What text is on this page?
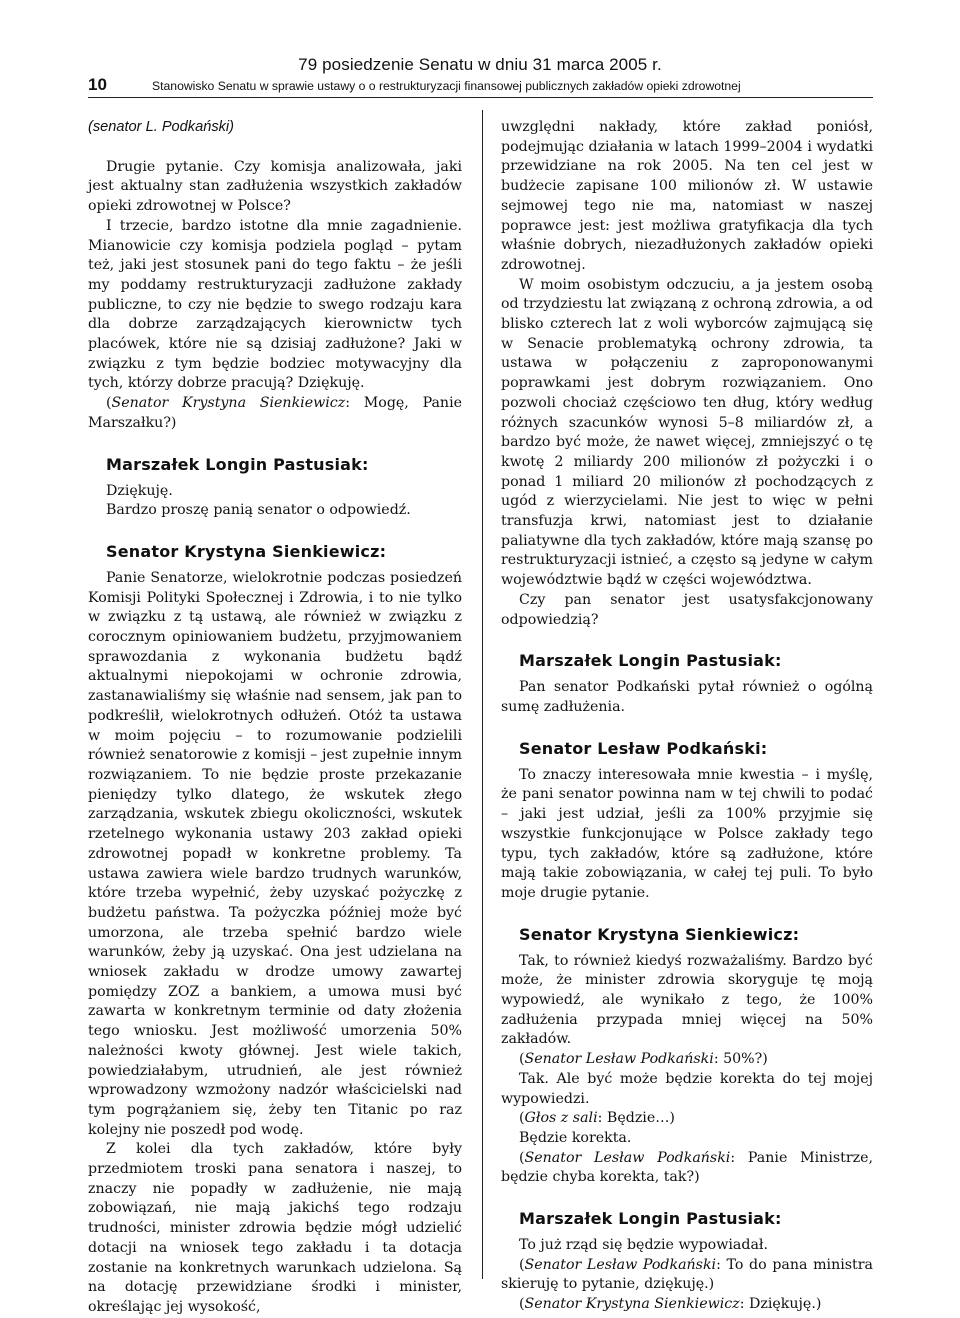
79 posiedzenie Senatu w dniu 31 marca 2005 r.
10	Stanowisko Senatu w sprawie ustawy o o restrukturyzacji finansowej publicznych zakładów opieki zdrowotnej

(senator L. Podkański)

Drugie pytanie. Czy komisja analizowała, jaki jest aktualny stan zadłużenia wszystkich zakładów opieki zdrowotnej w Polsce?

I trzecie, bardzo istotne dla mnie zagadnienie. Mianowicie czy komisja podziela pogląd – pytam też, jaki jest stosunek pani do tego faktu – że jeśli my poddamy restrukturyzacji zadłużone zakłady publiczne, to czy nie będzie to swego rodzaju kara dla dobrze zarządzających kierownictw tych placówek, które nie są dzisiaj zadłużone? Jaki w związku z tym będzie bodziec motywacyjny dla tych, którzy dobrze pracują? Dziękuję.

(Senator Krystyna Sienkiewicz: Mogę, Panie Marszałku?)

Marszałek Longin Pastusiak:

Dziękuję.

Bardzo proszę panią senator o odpowiedź.

Senator Krystyna Sienkiewicz:

Panie Senatorze, wielokrotnie podczas posiedzeń Komisji Polityki Społecznej i Zdrowia, i to nie tylko w związku z tą ustawą, ale również w związku z corocznym opiniowaniem budżetu, przyjmowaniem sprawozdania z wykonania budżetu bądź aktualnymi niepokojami w ochronie zdrowia, zastanawialiśmy się właśnie nad sensem, jak pan to podkreślił, wielokrotnych odłużeń. Otóż ta ustawa w moim pojęciu – to rozumowanie podzielili również senatorowie z komisji – jest zupełnie innym rozwiązaniem. To nie będzie proste przekazanie pieniędzy tylko dlatego, że wskutek złego zarządzania, wskutek zbiegu okoliczności, wskutek rzetelnego wykonania ustawy 203 zakład opieki zdrowotnej popadł w konkretne problemy. Ta ustawa zawiera wiele bardzo trudnych warunków, które trzeba wypełnić, żeby uzyskać pożyczkę z budżetu państwa. Ta pożyczka później może być umorzona, ale trzeba spełnić bardzo wiele warunków, żeby ją uzyskać. Ona jest udzielana na wniosek zakładu w drodze umowy zawartej pomiędzy ZOZ a bankiem, a umowa musi być zawarta w konkretnym terminie od daty złożenia tego wniosku. Jest możliwość umorzenia 50% należności kwoty głównej. Jest wiele takich, powiedziałabym, utrudnień, ale jest również wprowadzony wzmożony nadzór właścicielski nad tym pogrążaniem się, żeby ten Titanic po raz kolejny nie poszedł pod wodę.

Z kolei dla tych zakładów, które były przedmiotem troski pana senatora i naszej, to znaczy nie popadły w zadłużenie, nie mają zobowiązań, nie mają jakichś tego rodzaju trudności, minister zdrowia będzie mógł udzielić dotacji na wniosek tego zakładu i ta dotacja zostanie na konkretnych warunkach udzielona. Są na dotację przewidziane środki i minister, określając jej wysokość,

uwzględni nakłady, które zakład poniósł, podejmując działania w latach 1999–2004 i wydatki przewidziane na rok 2005. Na ten cel jest w budżecie zapisane 100 milionów zł. W ustawie sejmowej tego nie ma, natomiast w naszej poprawce jest: jest możliwa gratyfikacja dla tych właśnie dobrych, niezadłużonych zakładów opieki zdrowotnej.

W moim osobistym odczuciu, a ja jestem osobą od trzydziestu lat związaną z ochroną zdrowia, a od blisko czterech lat z woli wyborców zajmującą się w Senacie problematyką ochrony zdrowia, ta ustawa w połączeniu z zaproponowanymi poprawkami jest dobrym rozwiązaniem. Ono pozwoli chociaż częściowo ten dług, który według różnych szacunków wynosi 5–8 miliardów zł, a bardzo być może, że nawet więcej, zmniejszyć o tę kwotę 2 miliardy 200 milionów zł pożyczki i o ponad 1 miliard 20 milionów zł pochodzących z ugód z wierzycielami. Nie jest to więc w pełni transfuzja krwi, natomiast jest to działanie paliatywne dla tych zakładów, które mają szansę po restrukturyzacji istnieć, a często są jedyne w całym województwie bądź w części województwa.

Czy pan senator jest usatysfakcjonowany odpowiedzią?

Marszałek Longin Pastusiak:

Pan senator Podkański pytał również o ogólną sumę zadłużenia.

Senator Lesław Podkański:

To znaczy interesowała mnie kwestia – i myślę, że pani senator powinna nam w tej chwili to podać – jaki jest udział, jeśli za 100% przyjmie się wszystkie funkcjonujące w Polsce zakłady tego typu, tych zakładów, które są zadłużone, które mają takie zobowiązania, w całej tej puli. To było moje drugie pytanie.

Senator Krystyna Sienkiewicz:

Tak, to również kiedyś rozważaliśmy. Bardzo być może, że minister zdrowia skoryguje tę moją wypowiedź, ale wynikało z tego, że 100% zadłużenia przypada mniej więcej na 50% zakładów.

(Senator Lesław Podkański: 50%?)

Tak. Ale być może będzie korekta do tej mojej wypowiedzi.

(Głos z sali: Będzie…)

Będzie korekta.

(Senator Lesław Podkański: Panie Ministrze, będzie chyba korekta, tak?)

Marszałek Longin Pastusiak:

To już rząd się będzie wypowiadał.

(Senator Lesław Podkański: To do pana ministra skieruję to pytanie, dziękuję.)

(Senator Krystyna Sienkiewicz: Dziękuję.)
